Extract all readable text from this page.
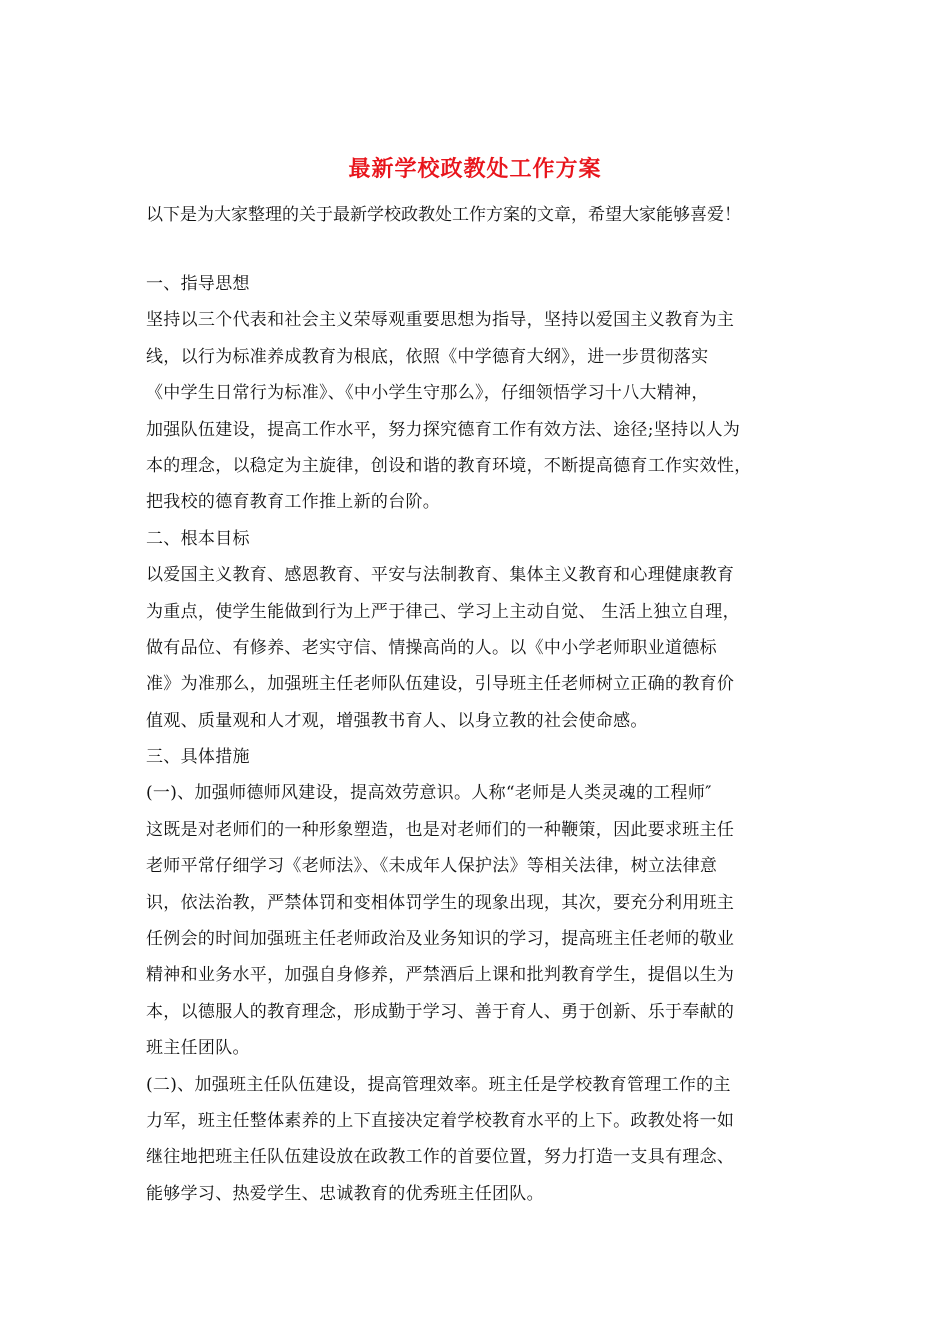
最新学校政教处工作方案

以下是为大家整理的关于最新学校政教处工作方案的文章，希望大家能够喜爱！

一、指导思想
坚持以三个代表和社会主义荣辱观重要思想为指导，坚持以爱国主义教育为主
线，以行为标准养成教育为根底，依照《中学德育大纲》，进一步贯彻落实
《中学生日常行为标准》、《中小学生守那么》，仔细领悟学习十八大精神，
加强队伍建设，提高工作水平，努力探究德育工作有效方法、途径;坚持以人为
本的理念，以稳定为主旋律，创设和谐的教育环境，不断提高德育工作实效性，
把我校的德育教育工作推上新的台阶。
二、根本目标
以爱国主义教育、感恩教育、平安与法制教育、集体主义教育和心理健康教育
为重点，使学生能做到行为上严于律己、学习上主动自觉、 生活上独立自理，
做有品位、有修养、老实守信、情操高尚的人。以《中小学老师职业道德标
准》为准那么，加强班主任老师队伍建设，引导班主任老师树立正确的教育价
值观、质量观和人才观，增强教书育人、以身立教的社会使命感。
三、具体措施
(一)、加强师德师风建设，提高效劳意识。人称“老师是人类灵魂的工程师″
这既是对老师们的一种形象塑造，也是对老师们的一种鞭策，因此要求班主任
老师平常仔细学习《老师法》、《未成年人保护法》等相关法律，树立法律意
识，依法治教，严禁体罚和变相体罚学生的现象出现，其次，要充分利用班主
任例会的时间加强班主任老师政治及业务知识的学习，提高班主任老师的敬业
精神和业务水平，加强自身修养，严禁酒后上课和批判教育学生，提倡以生为
本，以德服人的教育理念，形成勤于学习、善于育人、勇于创新、乐于奉献的
班主任团队。
(二)、加强班主任队伍建设，提高管理效率。班主任是学校教育管理工作的主
力军，班主任整体素养的上下直接决定着学校教育水平的上下。政教处将一如
继往地把班主任队伍建设放在政教工作的首要位置，努力打造一支具有理念、
能够学习、热爱学生、忠诚教育的优秀班主任团队。
